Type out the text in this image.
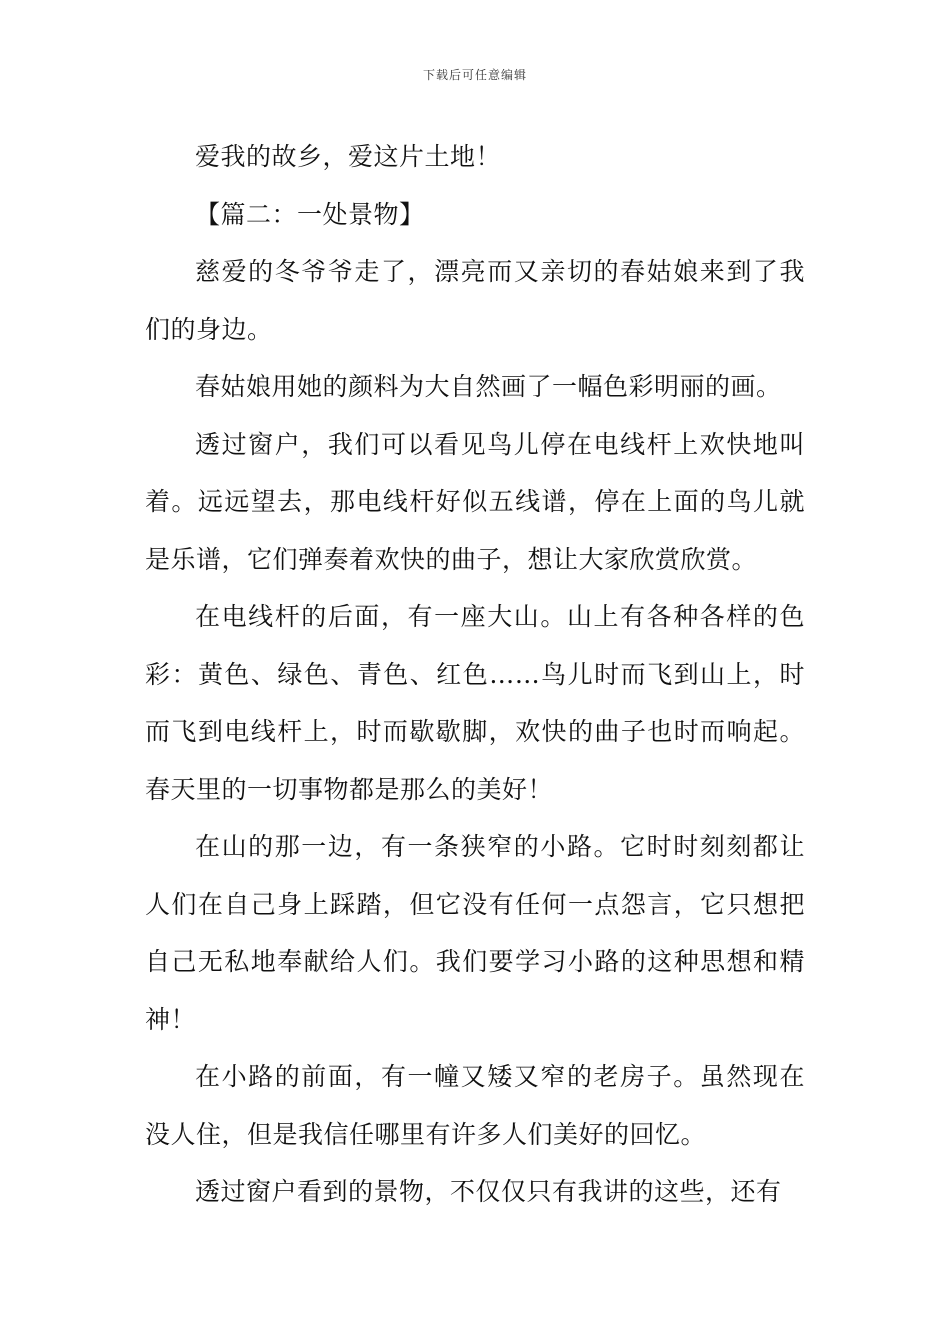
下载后可任意编辑

爱我的故乡，爱这片土地！

【篇二：一处景物】

慈爱的冬爷爷走了，漂亮而又亲切的春姑娘来到了我们的身边。

春姑娘用她的颜料为大自然画了一幅色彩明丽的画。

透过窗户，我们可以看见鸟儿停在电线杆上欢快地叫着。远远望去，那电线杆好似五线谱，停在上面的鸟儿就是乐谱，它们弹奏着欢快的曲子，想让大家欣赏欣赏。

在电线杆的后面，有一座大山。山上有各种各样的色彩：黄色、绿色、青色、红色……鸟儿时而飞到山上，时而飞到电线杆上，时而歇歇脚，欢快的曲子也时而响起。春天里的一切事物都是那么的美好！

在山的那一边，有一条狭窄的小路。它时时刻刻都让人们在自己身上踩踏，但它没有任何一点怨言，它只想把自己无私地奉献给人们。我们要学习小路的这种思想和精神！

在小路的前面，有一幢又矮又窄的老房子。虽然现在没人住，但是我信任哪里有许多人们美好的回忆。

透过窗户看到的景物，不仅仅只有我讲的这些，还有
